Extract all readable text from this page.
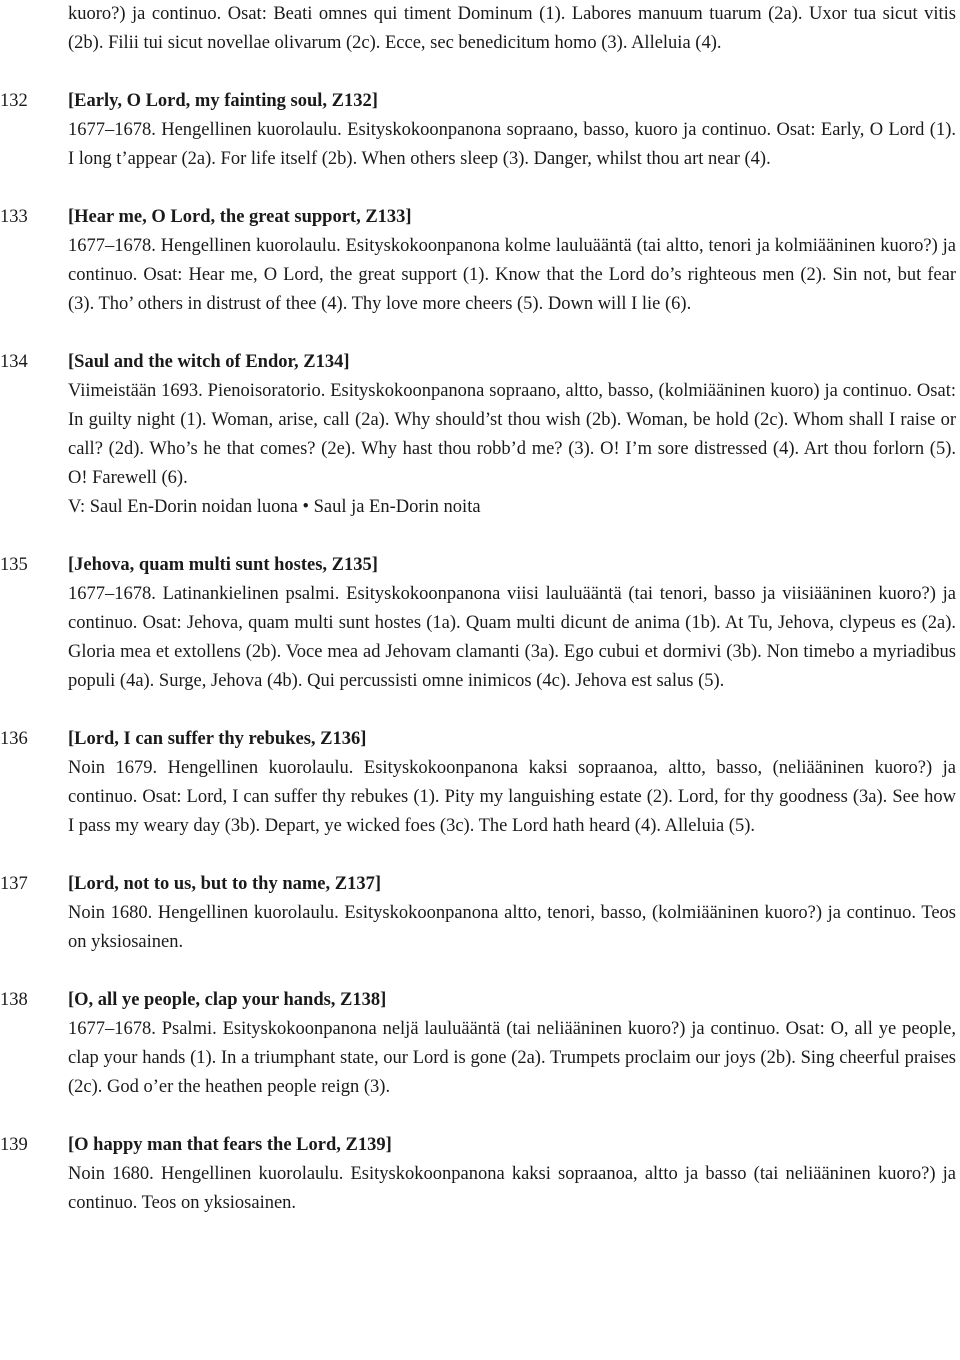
kuoro?) ja continuo. Osat: Beati omnes qui timent Dominum (1). Labores manuum tuarum (2a). Uxor tua sicut vitis (2b). Filii tui sicut novellae olivarum (2c). Ecce, sec benedicitum homo (3). Alleluia (4).
132	[Early, O Lord, my fainting soul, Z132]
1677–1678. Hengellinen kuorolaulu. Esityskokoonpanona sopraano, basso, kuoro ja continuo. Osat: Early, O Lord (1). I long t’appear (2a). For life itself (2b). When others sleep (3). Danger, whilst thou art near (4).
133	[Hear me, O Lord, the great support, Z133]
1677–1678. Hengellinen kuorolaulu. Esityskokoonpanona kolme lauluääntä (tai altto, tenori ja kolmiääninen kuoro?) ja continuo. Osat: Hear me, O Lord, the great support (1). Know that the Lord do’s righteous men (2). Sin not, but fear (3). Tho’ others in distrust of thee (4). Thy love more cheers (5). Down will I lie (6).
134	[Saul and the witch of Endor, Z134]
Viimeistään 1693. Pienoisoratorio. Esityskokoonpanona sopraano, altto, basso, (kolmiääninen kuoro) ja continuo. Osat: In guilty night (1). Woman, arise, call (2a). Why should’st thou wish (2b). Woman, be hold (2c). Whom shall I raise or call? (2d). Who’s he that comes? (2e). Why hast thou robb’d me? (3). O! I’m sore distressed (4). Art thou forlorn (5). O! Farewell (6).
V: Saul En-Dorin noidan luona • Saul ja En-Dorin noita
135	[Jehova, quam multi sunt hostes, Z135]
1677–1678. Latinankielinen psalmi. Esityskokoonpanona viisi lauluääntä (tai tenori, basso ja viisiääninen kuoro?) ja continuo. Osat: Jehova, quam multi sunt hostes (1a). Quam multi dicunt de anima (1b). At Tu, Jehova, clypeus es (2a). Gloria mea et extollens (2b). Voce mea ad Jehovam clamanti (3a). Ego cubui et dormivi (3b). Non timebo a myriadibus populi (4a). Surge, Jehova (4b). Qui percussisti omne inimicos (4c). Jehova est salus (5).
136	[Lord, I can suffer thy rebukes, Z136]
Noin 1679. Hengellinen kuorolaulu. Esityskokoonpanona kaksi sopraanoa, altto, basso, (neliääninen kuoro?) ja continuo. Osat: Lord, I can suffer thy rebukes (1). Pity my languishing estate (2). Lord, for thy goodness (3a). See how I pass my weary day (3b). Depart, ye wicked foes (3c). The Lord hath heard (4). Alleluia (5).
137	[Lord, not to us, but to thy name, Z137]
Noin 1680. Hengellinen kuorolaulu. Esityskokoonpanona altto, tenori, basso, (kolmiääninen kuoro?) ja continuo. Teos on yksiosainen.
138	[O, all ye people, clap your hands, Z138]
1677–1678. Psalmi. Esityskokoonpanona neljä lauluääntä (tai neliääninen kuoro?) ja continuo. Osat: O, all ye people, clap your hands (1). In a triumphant state, our Lord is gone (2a). Trumpets proclaim our joys (2b). Sing cheerful praises (2c). God o’er the heathen people reign (3).
139	[O happy man that fears the Lord, Z139]
Noin 1680. Hengellinen kuorolaulu. Esityskokoonpanona kaksi sopraanoa, altto ja basso (tai neliääninen kuoro?) ja continuo. Teos on yksiosainen.
